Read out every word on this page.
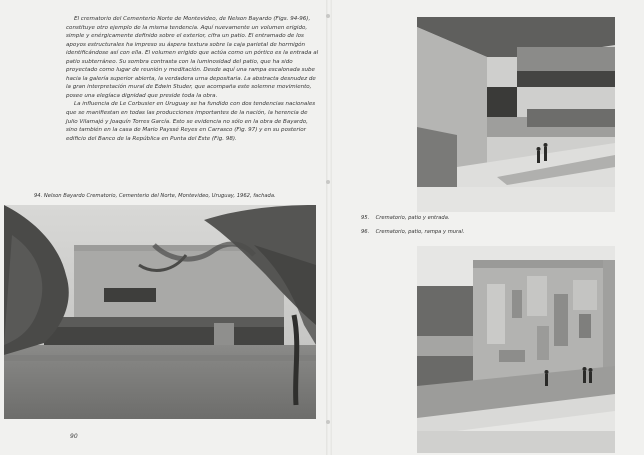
El crematorio del Cementerio Norte de Montevideo, de Nelson Bayardo (Figs. 94-96), constituye otro ejemplo de la misma tendencia. Aquí nuevamente un volumen erigido, simple y enérgicamente definido sobre el exterior, cifra un patio. El entramado de los apoyos estructurales ha impreso su áspera textura sobre la caja parietal de hormigón identificándose así con ella. El volumen erigido que actúa como un pórtico es la entrada al patio subterráneo. Su sombra contrasta con la luminosidad del patio, que ha sido proyectado como lugar de reunión y meditación. Desde aquí una rampa escalonada sube hacia la galería superior abierta, la verdadera urna depositaria. La abstracta desnudez de la gran interpretación mural de Edwin Studer, que acompaña este solemne movimiento, posee una elegíaca dignidad que preside toda la obra.

La influencia de Le Corbusier en Uruguay se ha fundido con dos tendencias nacionales que se manifiestan en todas las producciones importantes de la nación, la herencia de Julio Vilamajó y Joaquín Torres García. Esto se evidencia no sólo en la obra de Bayardo, sino también en la casa de Mario Payssé Reyes en Carrasco (Fig. 97) y en su posterior edificio del Banco de la República en Punta del Este (Fig. 98).

94. Nelson Bayardo Crematorio, Cementerio del Norte, Montevideo, Uruguay, 1962, fachada.
90
95. Crematorio, patio y entrada.
96. Crematorio, patio, rampa y mural.
